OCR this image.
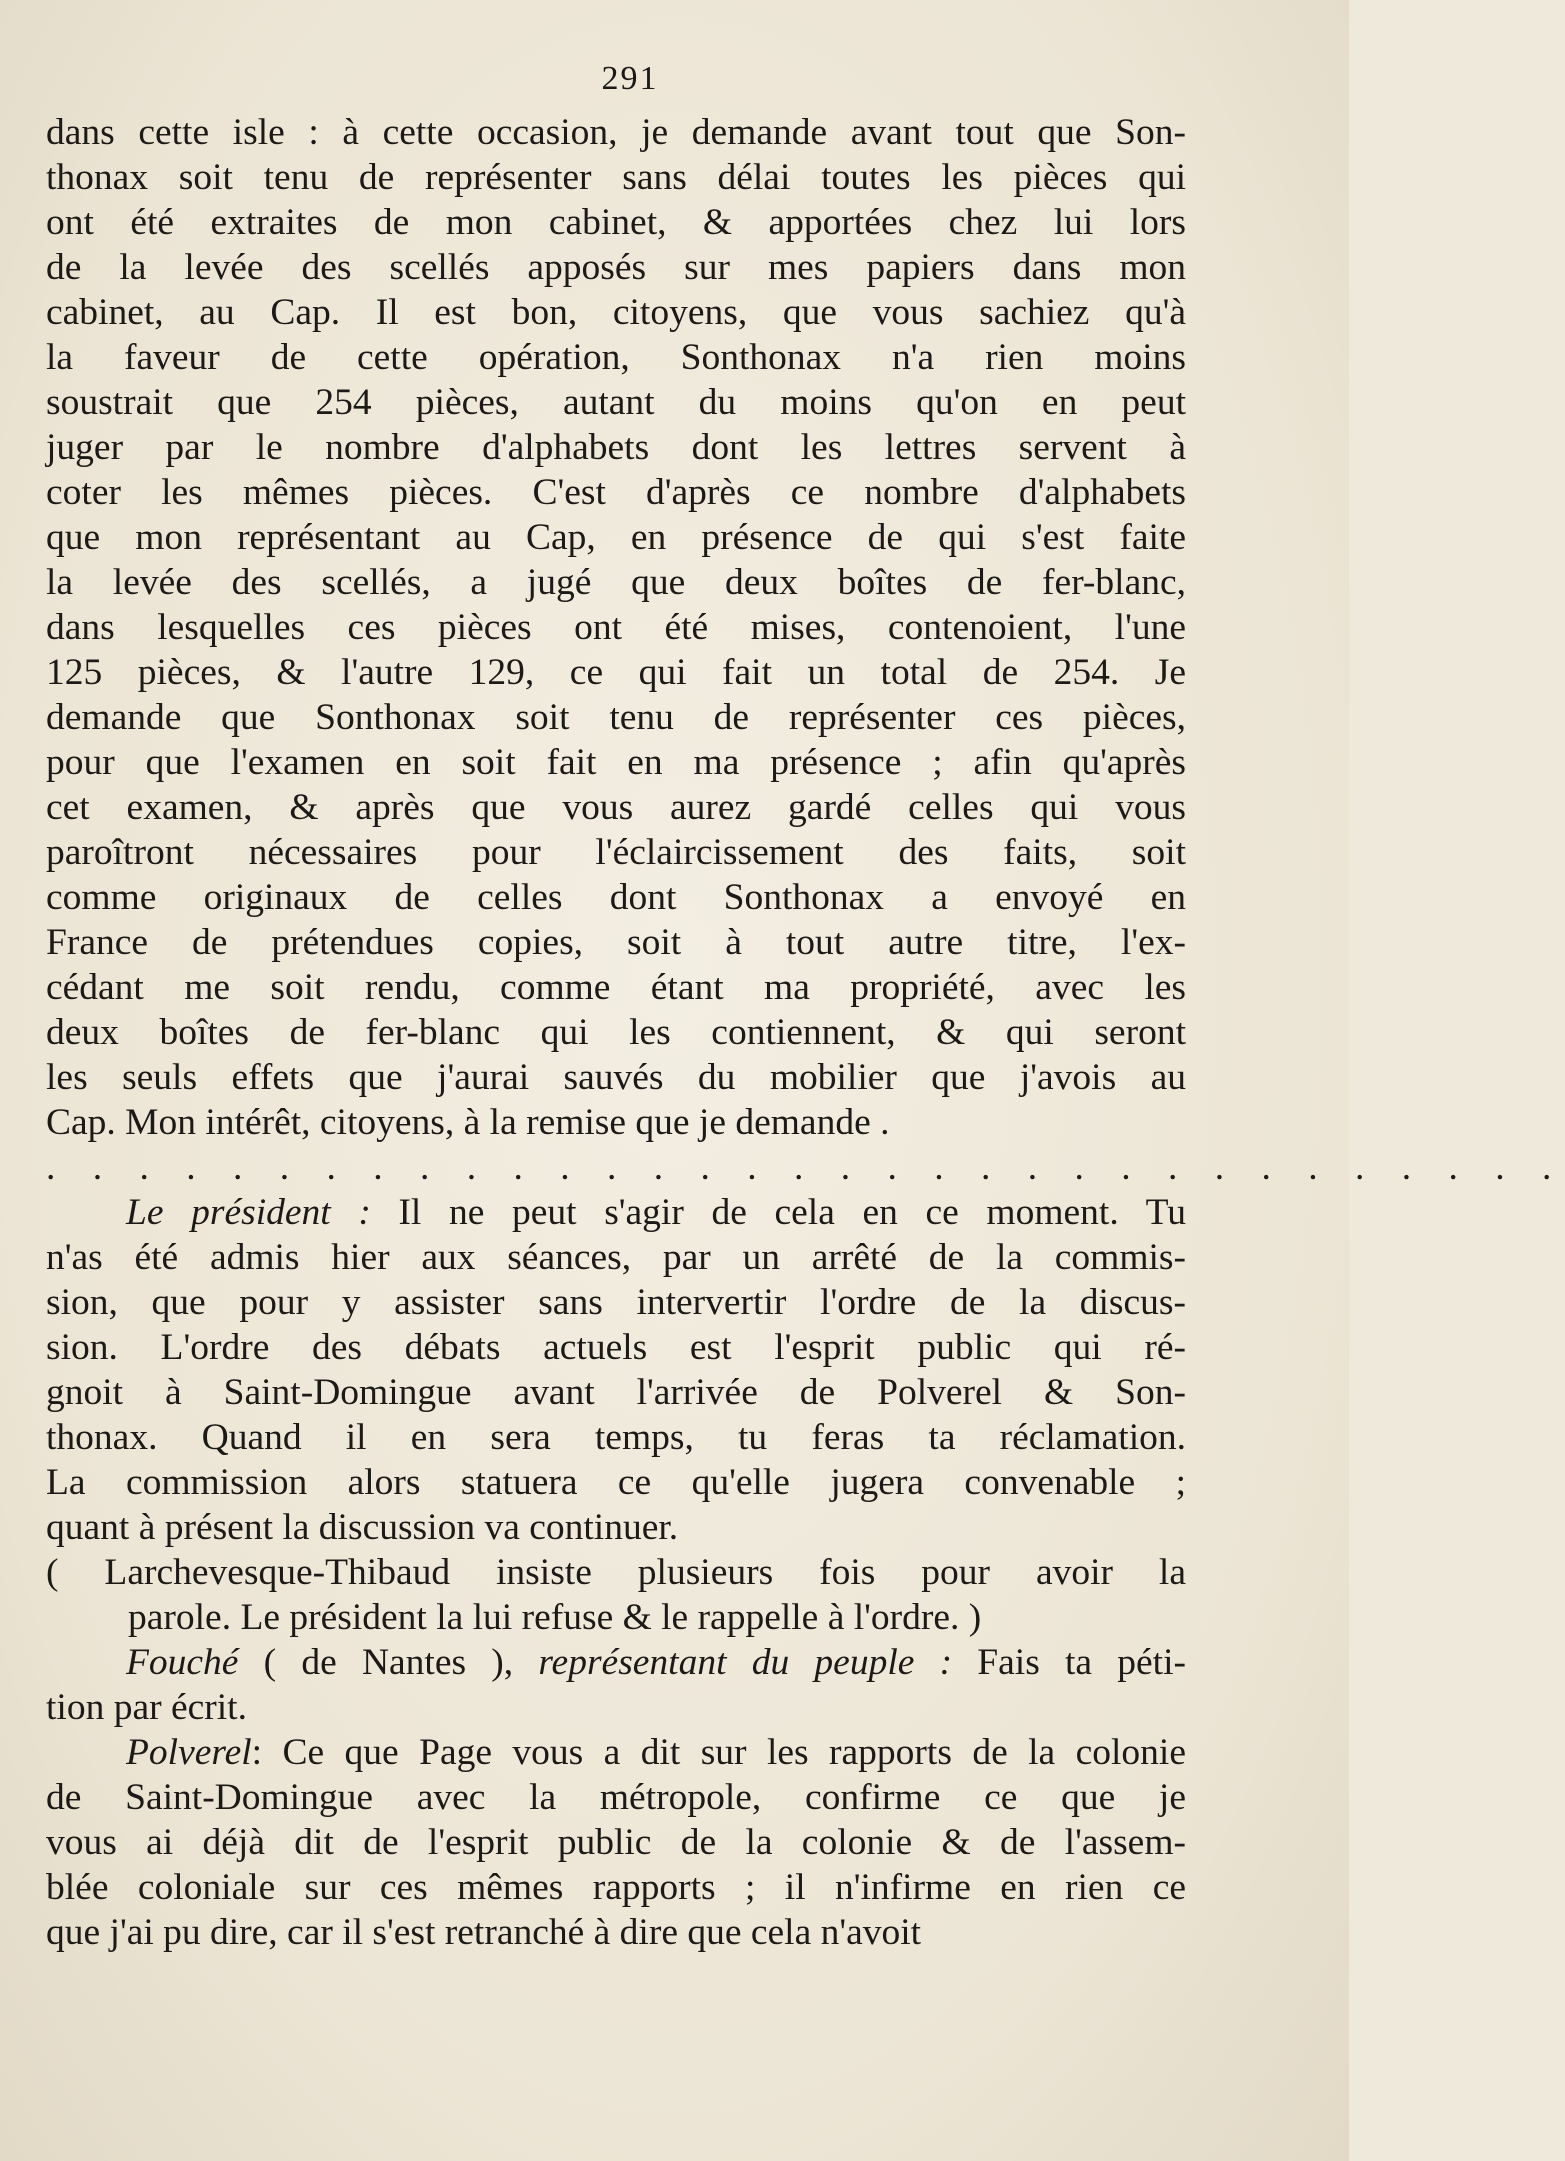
291
dans cette isle : à cette occasion, je demande avant tout que Son-
thonax soit tenu de représenter sans délai toutes les pièces qui
ont été extraites de mon cabinet, & apportées chez lui lors
de la levée des scellés apposés sur mes papiers dans mon
cabinet, au Cap. Il est bon, citoyens, que vous sachiez qu'à
la faveur de cette opération, Sonthonax n'a rien moins
soustrait que 254 pièces, autant du moins qu'on en peut
juger par le nombre d'alphabets dont les lettres servent à
coter les mêmes pièces. C'est d'après ce nombre d'alphabets
que mon représentant au Cap, en présence de qui s'est faite
la levée des scellés, a jugé que deux boîtes de fer-blanc,
dans lesquelles ces pièces ont été mises, contenoient, l'une
125 pièces, & l'autre 129, ce qui fait un total de 254. Je
demande que Sonthonax soit tenu de représenter ces pièces,
pour que l'examen en soit fait en ma présence ; afin qu'après
cet examen, & après que vous aurez gardé celles qui vous
paroîtront nécessaires pour l'éclaircissement des faits, soit
comme originaux de celles dont Sonthonax a envoyé en
France de prétendues copies, soit à tout autre titre, l'ex-
cédant me soit rendu, comme étant ma propriété, avec les
deux boîtes de fer-blanc qui les contiennent, & qui seront
les seuls effets que j'aurai sauvés du mobilier que j'avois au
Cap. Mon intérêt, citoyens, à la remise que je demande .
. . . . . . . . . . . . . . . . . . . . . . . . . . . . . . . . .
Le président : Il ne peut s'agir de cela en ce moment. Tu
n'as été admis hier aux séances, par un arrêté de la commis-
sion, que pour y assister sans intervertir l'ordre de la discus-
sion. L'ordre des débats actuels est l'esprit public qui ré-
gnoit à Saint-Domingue avant l'arrivée de Polverel & Son-
thonax. Quand il en sera temps, tu feras ta réclamation.
La commission alors statuera ce qu'elle jugera convenable ;
quant à présent la discussion va continuer.
( Larchevesque-Thibaud insiste plusieurs fois pour avoir la
parole. Le président la lui refuse & le rappelle à l'ordre. )
Fouché ( de Nantes ), représentant du peuple : Fais ta péti-
tion par écrit.
Polverel: Ce que Page vous a dit sur les rapports de la colonie
de Saint-Domingue avec la métropole, confirme ce que je
vous ai déjà dit de l'esprit public de la colonie & de l'assem-
blée coloniale sur ces mêmes rapports ; il n'infirme en rien ce
que j'ai pu dire, car il s'est retranché à dire que cela n'avoit
